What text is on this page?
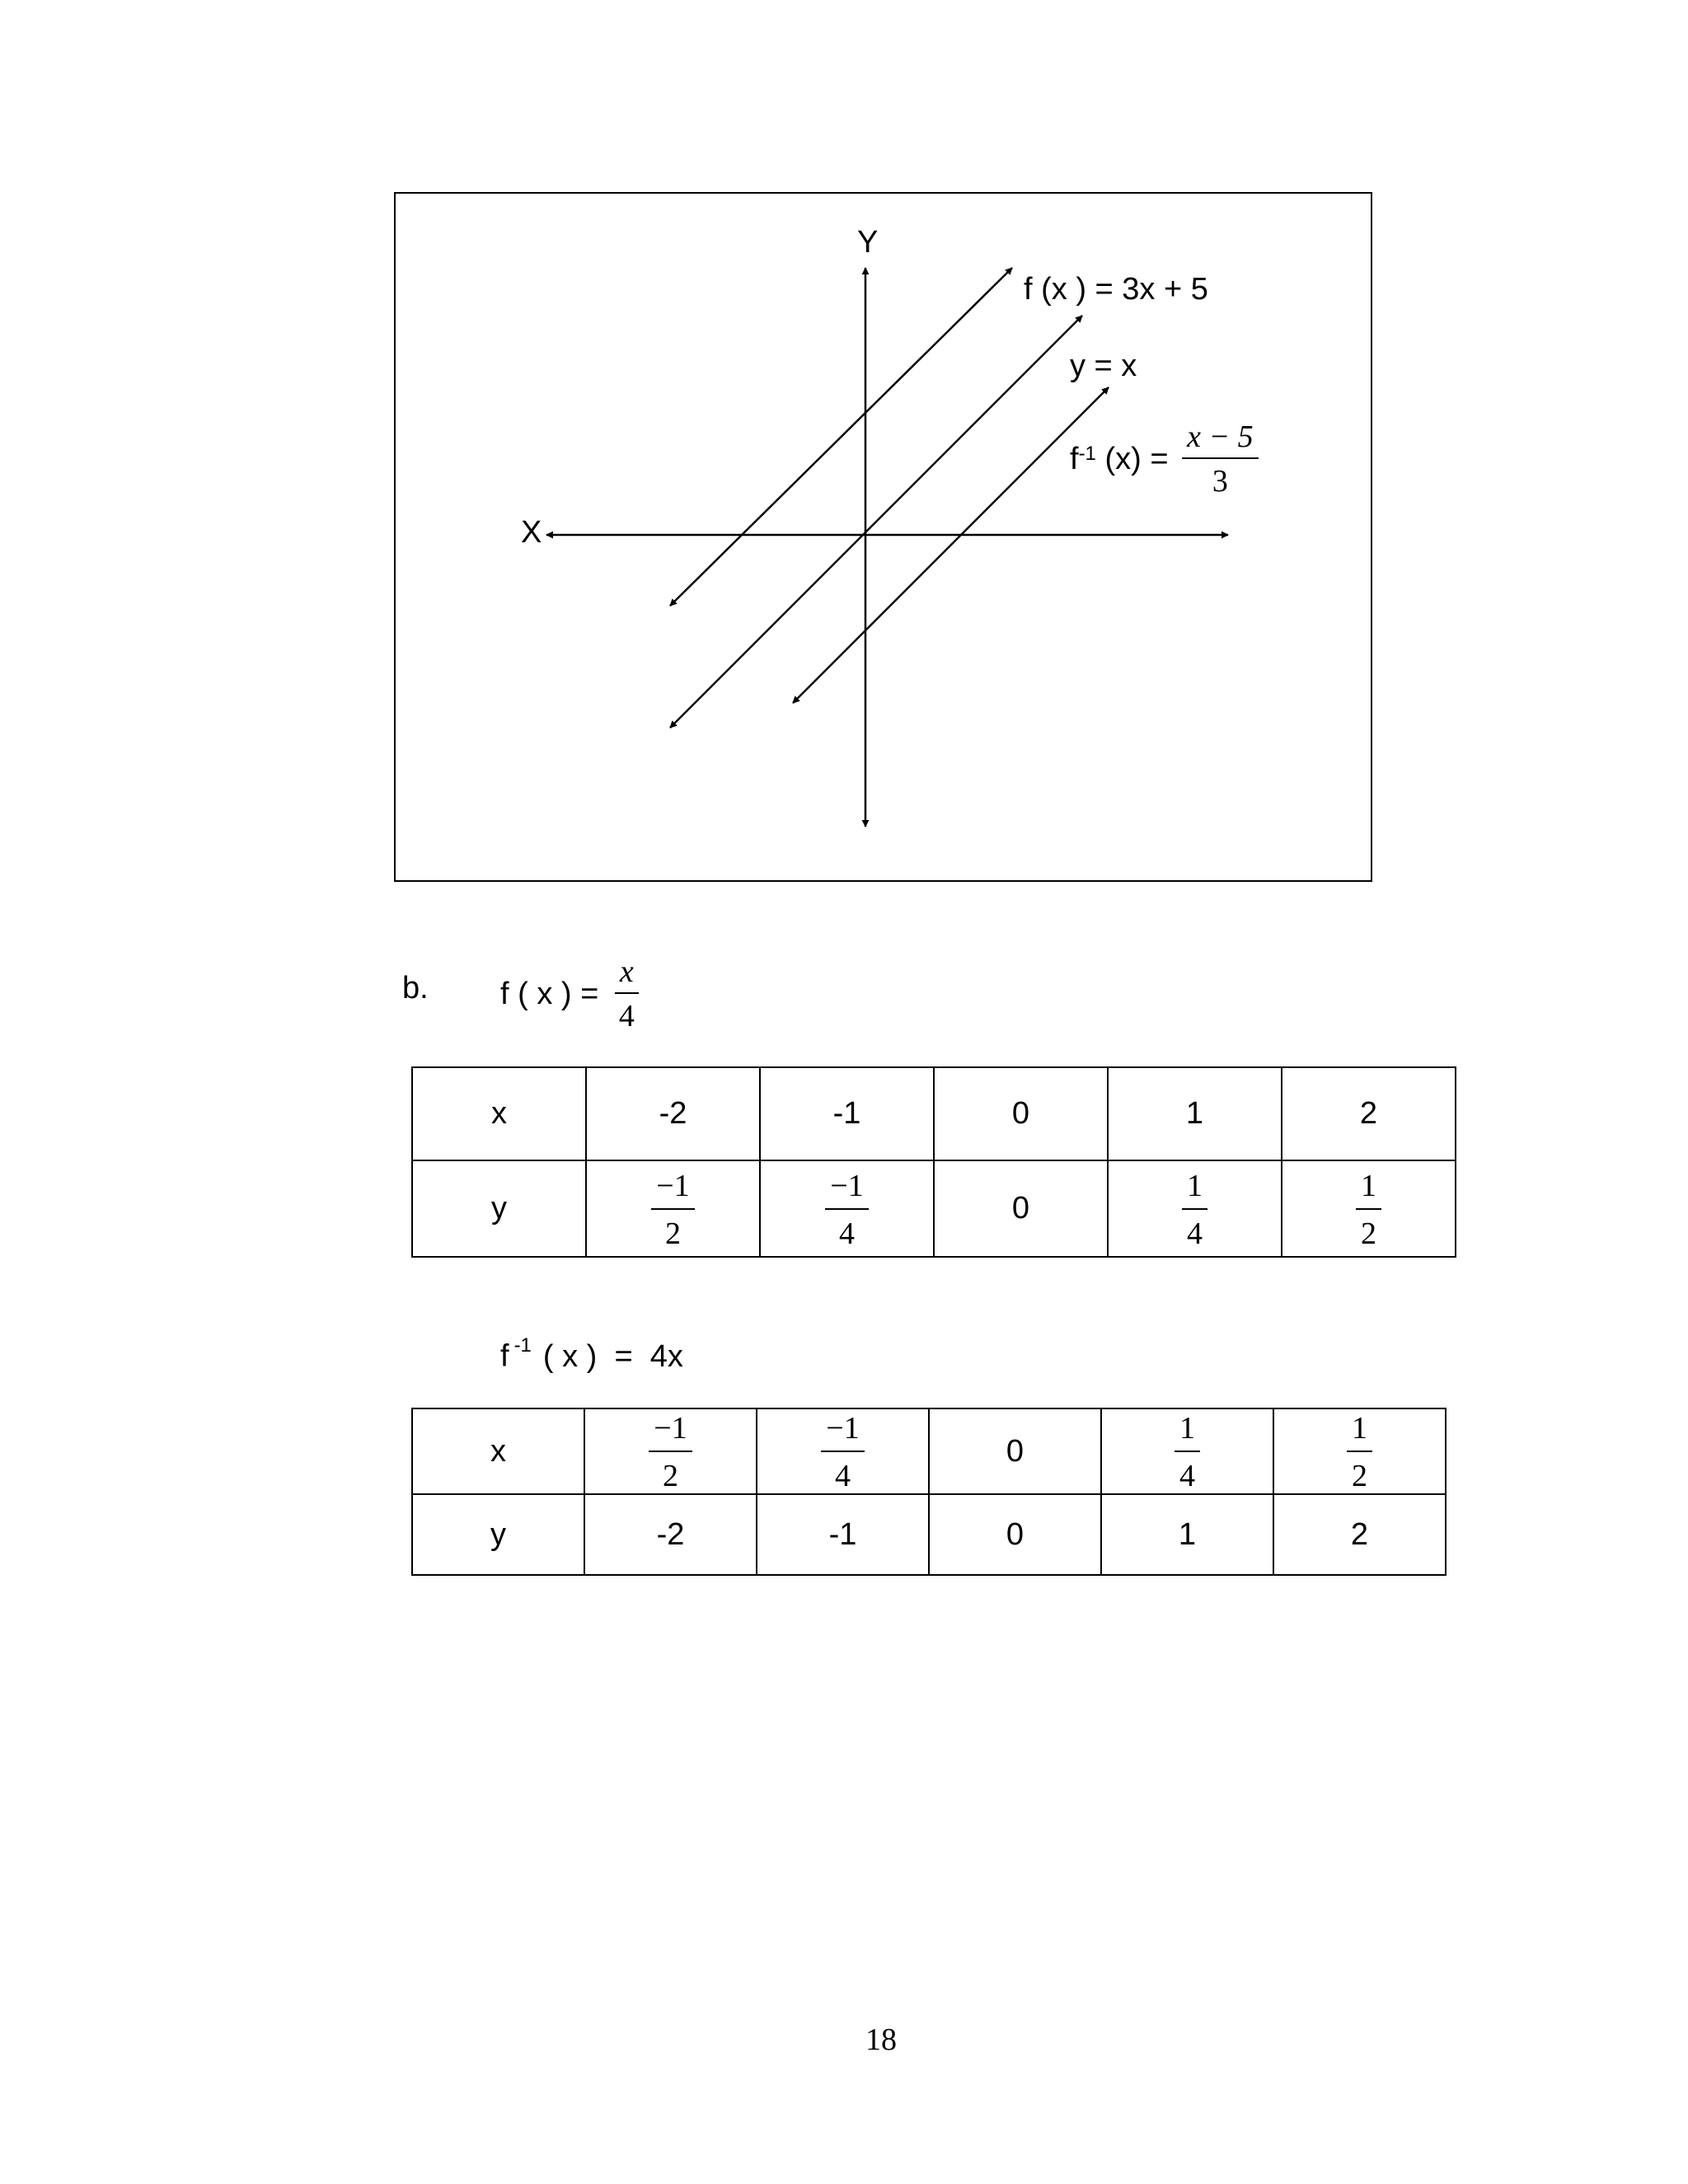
Y
X
f (x ) = 3x + 5
y = x
$f^{-1}$ $(x) = \frac{x - 5}{3}$
b. f ( x ) = $\frac{x}{4}$
x	-2	-1	0	1	2
y	$\frac{-1}{2}$	$\frac{-1}{4}$	0	$\frac{1}{4}$	$\frac{1}{2}$
f $^{-1}$ ( x )  =  4x
x	$\frac{-1}{2}$	$\frac{-1}{4}$	0	$\frac{1}{4}$	$\frac{1}{2}$

y	-2	-1	0	1	2
18
